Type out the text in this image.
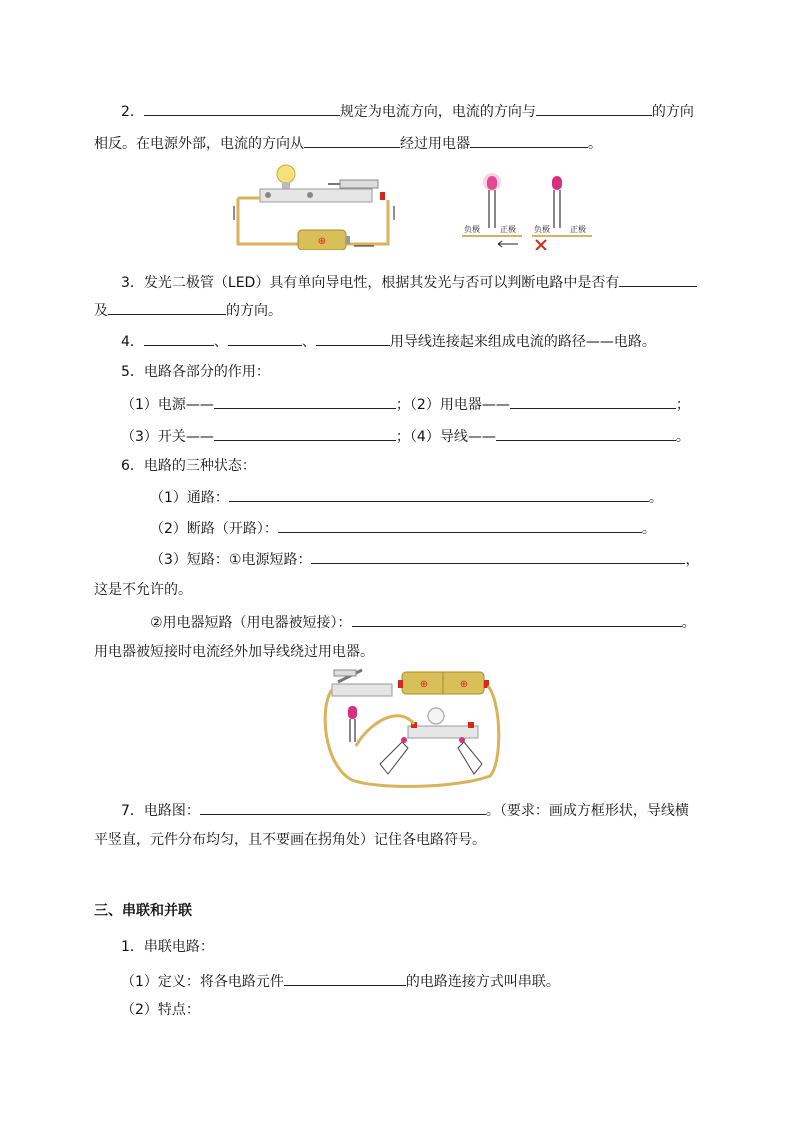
2．	规定为电流方向，电流的方向与	的方向
相反。在电源外部，电流的方向从	经过用电器	。
⊕
负极	正极 负极	正极
3．发光二极管（LED）具有单向导电性，根据其发光与否可以判断电路中是否有
及	的方向。
4．	、	、	用导线连接起来组成电流的路径——电路。
5．电路各部分的作用：
（1）电源——	；（2）用电器——	；
（3）开关——	；（4）导线——	。
6．电路的三种状态：
（1）通路：	。
（2）断路（开路）：	。
（3）短路：①电源短路：	，
这是不允许的。
②用电器短路（用电器被短接）：	。
用电器被短接时电流经外加导线绕过用电器。
⊕	⊕
7．电路图：	。（要求：画成方框形状，导线横
平竖直，元件分布均匀，且不要画在拐角处）记住各电路符号。
三、串联和并联
1．串联电路：
（1）定义：将各电路元件	的电路连接方式叫串联。
（2）特点：
